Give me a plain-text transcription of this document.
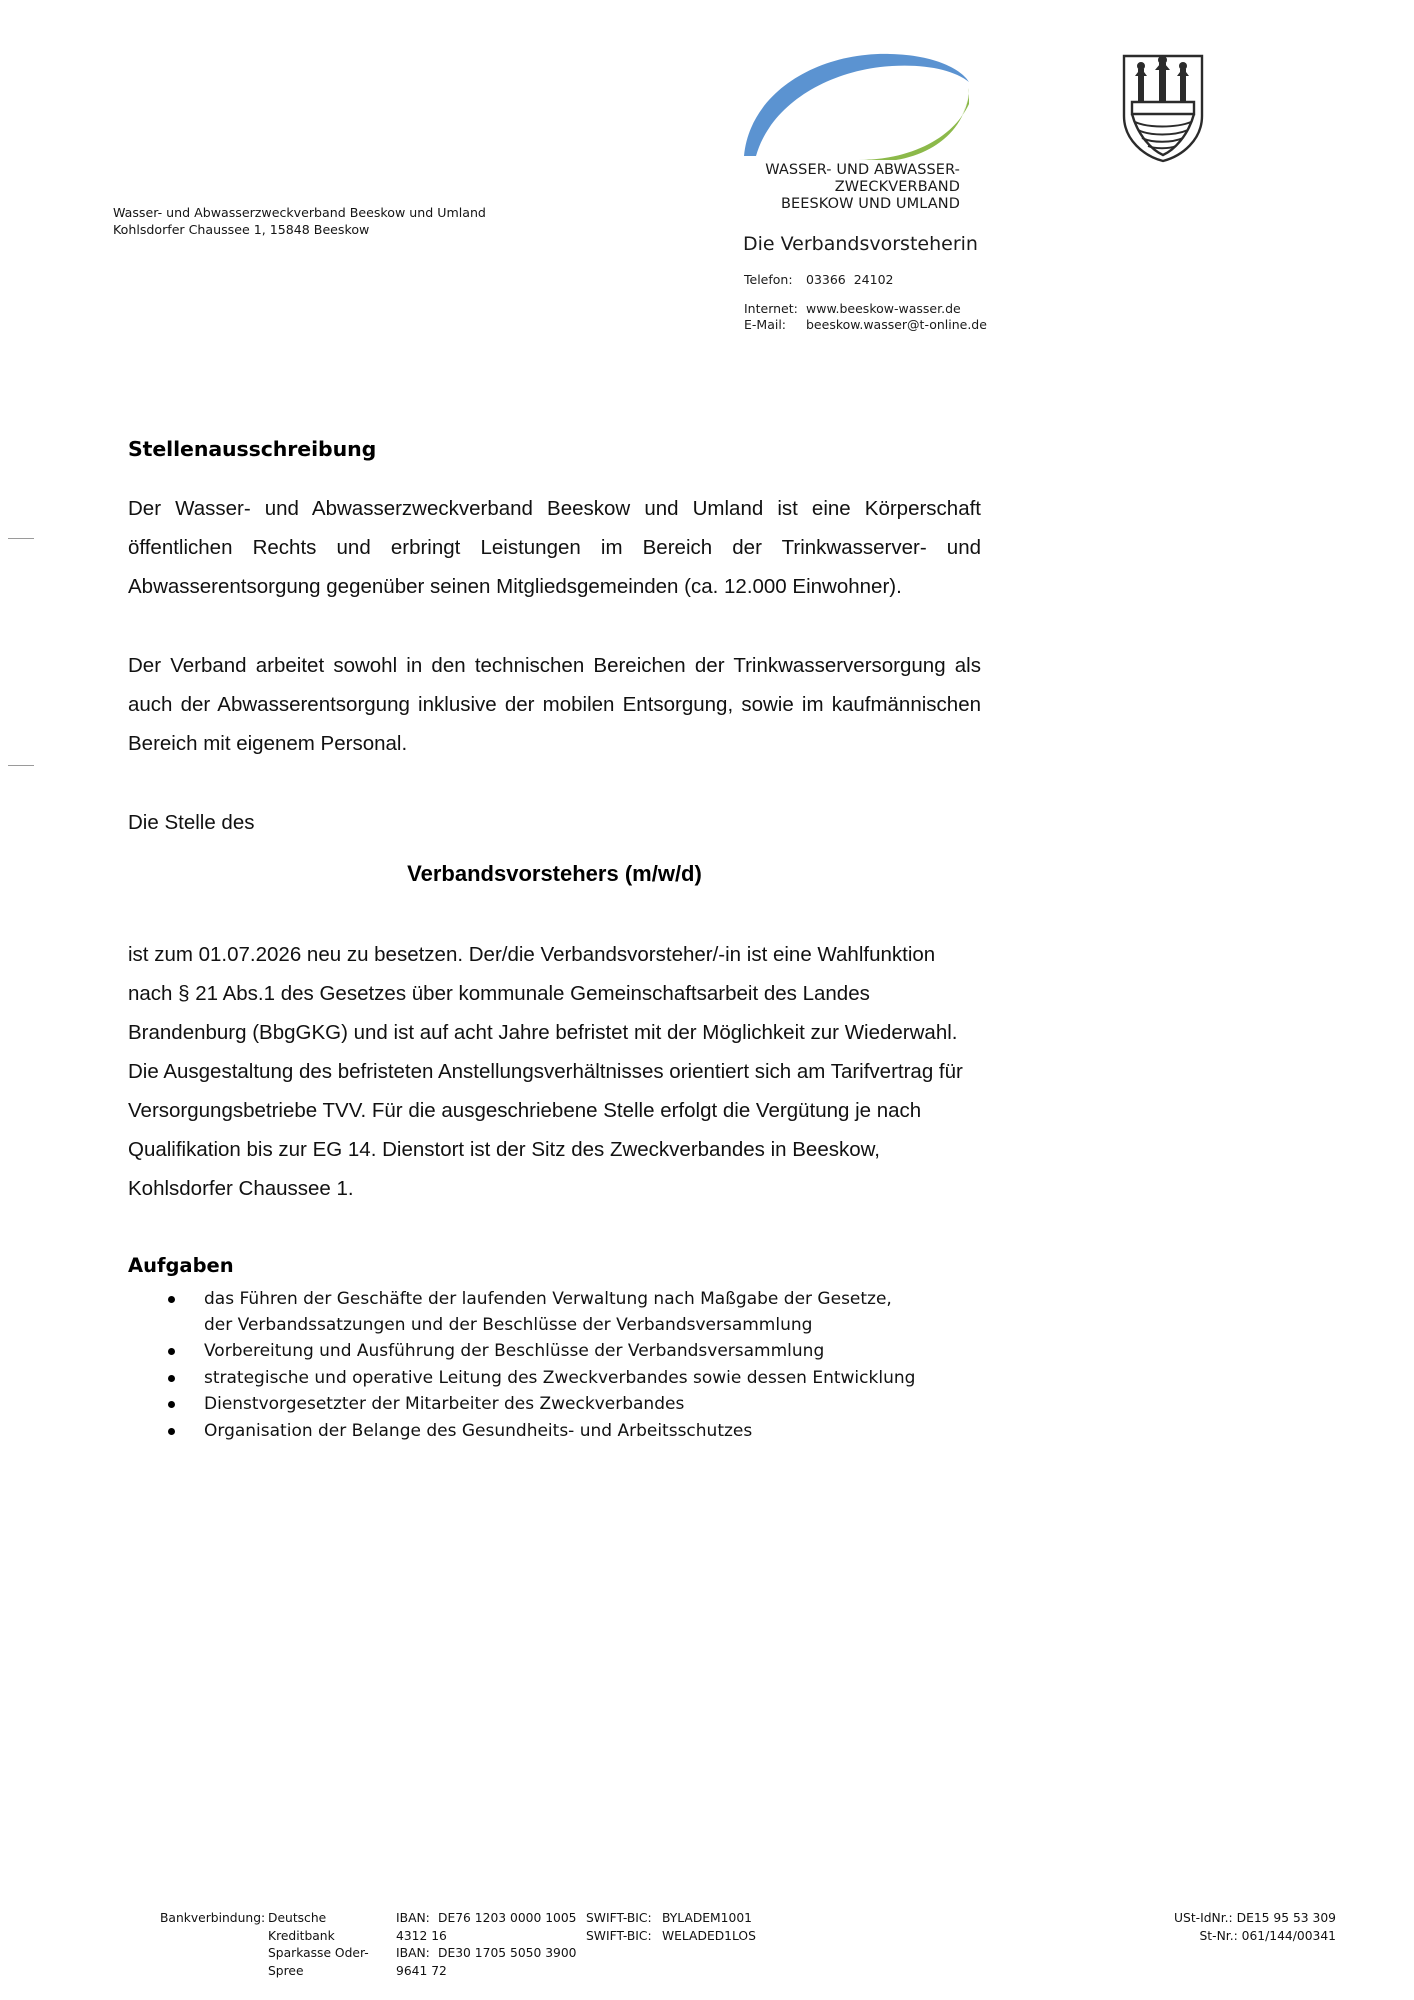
WASSER- UND ABWASSER-
ZWECKVERBAND
BEESKOW UND UMLAND
Die Verbandsvorsteherin
Telefon: 03366  24102
Internet: www.beeskow-wasser.de
E-Mail: beeskow.wasser@t-online.de
Wasser- und Abwasserzweckverband Beeskow und Umland
Kohlsdorfer Chaussee 1, 15848 Beeskow
Stellenausschreibung

Der Wasser- und Abwasserzweckverband Beeskow und Umland ist eine Körperschaft öffentlichen Rechts und erbringt Leistungen im Bereich der Trinkwasserver- und Abwasserentsorgung gegenüber seinen Mitgliedsgemeinden (ca. 12.000 Einwohner).

Der Verband arbeitet sowohl in den technischen Bereichen der Trinkwasserversorgung als auch der Abwasserentsorgung inklusive der mobilen Entsorgung, sowie im kaufmännischen Bereich mit eigenem Personal.

Die Stelle des

Verbandsvorstehers (m/w/d)

ist zum 01.07.2026 neu zu besetzen. Der/die Verbandsvorsteher/-in ist eine Wahlfunktion nach § 21 Abs.1 des Gesetzes über kommunale Gemeinschaftsarbeit des Landes Brandenburg (BbgGKG) und ist auf acht Jahre befristet mit der Möglichkeit zur Wiederwahl. Die Ausgestaltung des befristeten Anstellungsverhältnisses orientiert sich am Tarifvertrag für Versorgungsbetriebe TVV. Für die ausgeschriebene Stelle erfolgt die Vergütung je nach Qualifikation bis zur EG 14. Dienstort ist der Sitz des Zweckverbandes in Beeskow, Kohlsdorfer Chaussee 1.

Aufgaben
das Führen der Geschäfte der laufenden Verwaltung nach Maßgabe der Gesetze,
der Verbandssatzungen und der Beschlüsse der Verbandsversammlung
Vorbereitung und Ausführung der Beschlüsse der Verbandsversammlung
strategische und operative Leitung des Zweckverbandes sowie dessen Entwicklung
Dienstvorgesetzter der Mitarbeiter des Zweckverbandes
Organisation der Belange des Gesundheits- und Arbeitsschutzes
Bankverbindung: Deutsche Kreditbank
Sparkasse Oder-Spree
IBAN: DE76 1203 0000 1005 4312 16
IBAN: DE30 1705 5050 3900 9641 72
SWIFT-BIC: BYLADEM1001
SWIFT-BIC: WELADED1LOS
USt-IdNr.: DE15 95 53 309
St-Nr.: 061/144/00341
